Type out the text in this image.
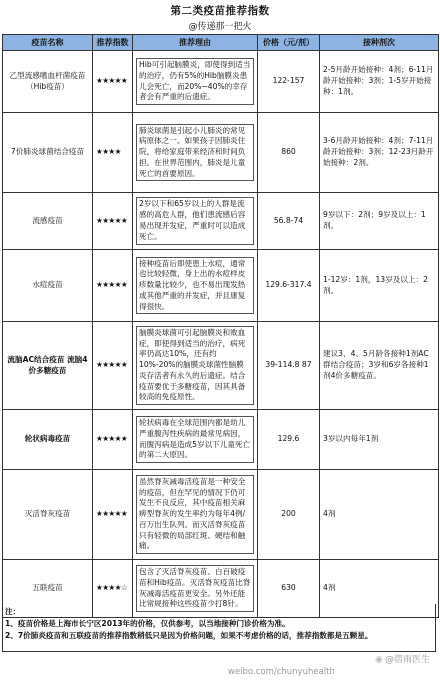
第二类疫苗推荐指数
@传递那一把火
疫苗名称	推荐指数	推荐理由	价格（元/剂）	接种剂次
乙型流感嗜血杆菌疫苗（Hib疫苗）	★★★★★	Hib可引起脑膜炎，即使得到适当的治疗，仍有5%的Hib脑膜炎患儿会死亡，而20%~40%的幸存者会有严重的后遗症。	122-157	2-5月龄开始接种：4剂；6-11月龄开始接种：3剂；1-5岁开始接种：1剂。
7价肺炎球菌结合疫苗	★★★★	肺炎球菌是引起小儿肺炎的常见病原体之一。如果孩子因肺炎住院，将给家庭带来经济和时间负担。在世界范围内，肺炎是儿童死亡的首要原因。	860	3-6月龄开始接种：4剂；7-11月龄开始接种：3剂；12-23月龄开始接种：2剂。
流感疫苗	★★★★★	2岁以下和65岁以上的人群是流感的高危人群，他们患流感后容易出现并发症，严重时可以造成死亡。	56.8-74	9岁以下：2剂；9岁及以上：1剂。
水痘疫苗	★★★★★	接种疫苗后即使患上水痘，通常也比较轻微，身上出的水痘样皮疹数量比较少，也不易出现发热或其他严重的并发症，并且康复得很快。	129.6-317.4	1-12岁：1剂，13岁及以上：2剂。
流脑AC结合疫苗 流脑4价多糖疫苗	★★★★★	脑膜炎球菌可引起脑膜炎和败血症，即使得到适当的治疗，病死率仍高达10%，还有约10%-20%的脑膜炎球菌性脑膜炎存活者有永久的后遗症。结合疫苗要优于多糖疫苗，因其具备较高的免疫原性。	39-114.8 87	建议3、4、5月龄各接种1剂AC群结合疫苗；3岁和6岁各接种1剂4价多糖疫苗。
轮状病毒疫苗	★★★★★	轮状病毒在全球范围内都是幼儿严重腹泻性疾病的最常见病因，而腹泻病是造成5岁以下儿童死亡的第二大原因。	129.6	3岁以内每年1剂
灭活脊灰疫苗	★★★★★	虽然脊灰减毒活疫苗是一种安全的疫苗，但在罕见的情况下仍可发生不良反应，其中疫苗相关麻痹型脊灰的发生率约为每年4例/百万出生队列。而灭活脊灰疫苗只有轻微的局部红斑、硬结和触痛。	200	4剂
五联疫苗	★★★★☆	包含了灭活脊灰疫苗、白百破疫苗和Hib疫苗。灭活脊灰疫苗比脊灰减毒活疫苗更安全。另外还能比常规接种这些疫苗少打8针。	630	4剂
注：
1、疫苗价格是上海市长宁区2013年的价格，仅供参考，以当地接种门诊价格为准。
2、7价肺炎疫苗和五联疫苗的推荐指数稍低只是因为价格问题，如果不考虑价格的话，推荐指数都是五颗星。
◉ @蓿雨医生
weibo.com/chunyuhealth
